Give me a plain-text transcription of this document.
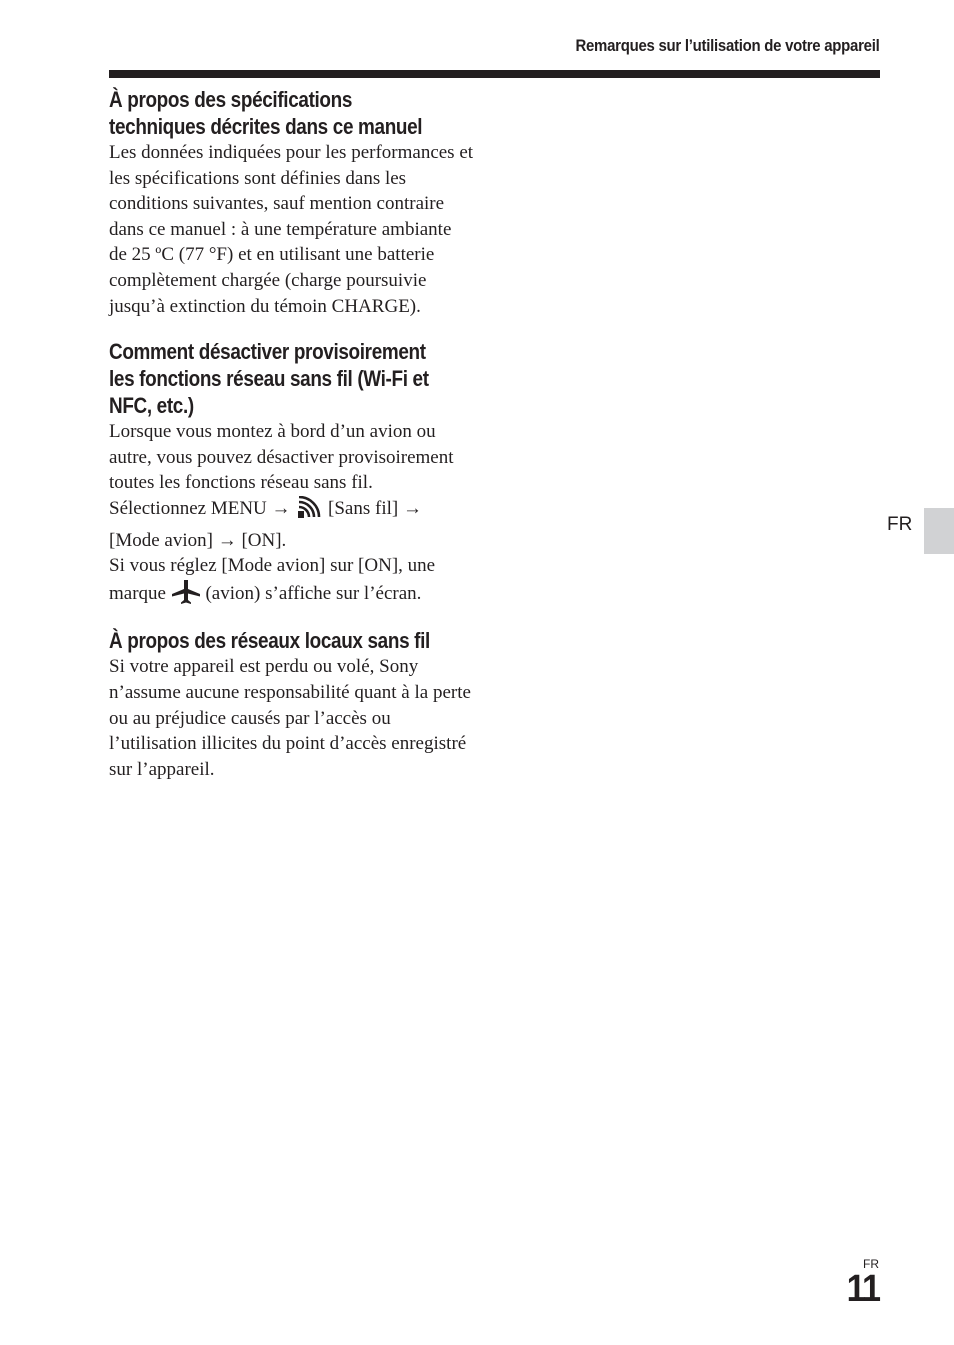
Remarques sur l’utilisation de votre appareil
À propos des spécifications
techniques décrites dans ce manuel

Les données indiquées pour les performances et les spécifications sont définies dans les conditions suivantes, sauf mention contraire dans ce manuel : à une température ambiante de 25 ºC (77 °F) et en utilisant une batterie complètement chargée (charge poursuivie jusqu’à extinction du témoin CHARGE).

Comment désactiver provisoirement
les fonctions réseau sans fil (Wi-Fi et
NFC, etc.)

Lorsque vous montez à bord d’un avion ou autre, vous pouvez désactiver provisoirement toutes les fonctions réseau sans fil.

Sélectionnez MENU → [Sans fil] → [Mode avion] → [ON].

Si vous réglez [Mode avion] sur [ON], une marque (avion) s’affiche sur l’écran.

À propos des réseaux locaux sans fil

Si votre appareil est perdu ou volé, Sony n’assume aucune responsabilité quant à la perte ou au préjudice causés par l’accès ou l’utilisation illicites du point d’accès enregistré sur l’appareil.

FR
FR
11
